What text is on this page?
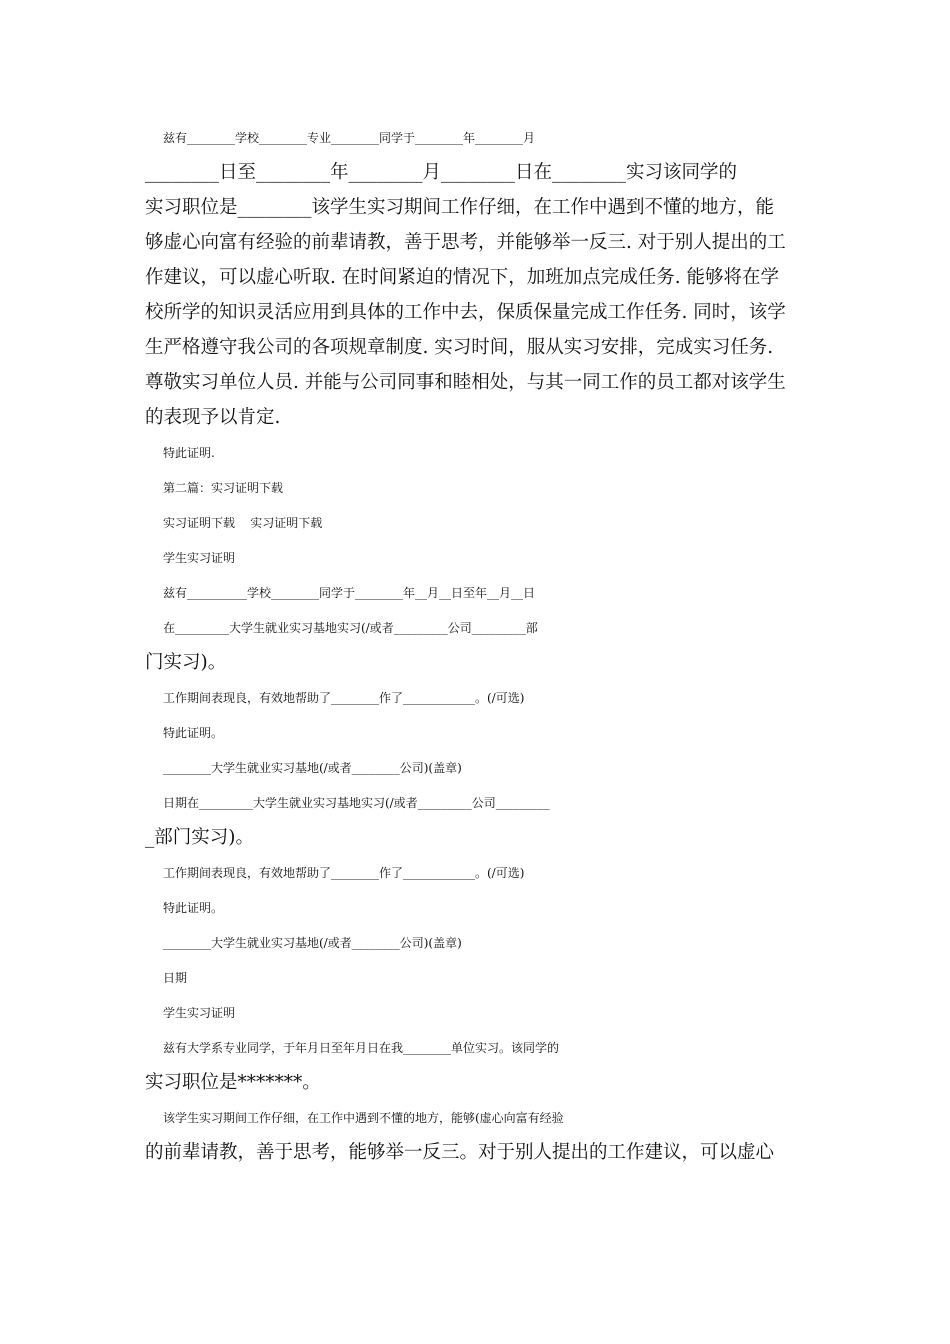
兹有________学校________专业________同学于________年________月
________日至________年________月________日在________实习该同学的
实习职位是________该学生实习期间工作仔细，在工作中遇到不懂的地方，能
够虚心向富有经验的前辈请教，善于思考，并能够举一反三. 对于别人提出的工
作建议，可以虚心听取. 在时间紧迫的情况下，加班加点完成任务. 能够将在学
校所学的知识灵活应用到具体的工作中去，保质保量完成工作任务. 同时，该学
生严格遵守我公司的各项规章制度. 实习时间，服从实习安排，完成实习任务.
尊敬实习单位人员. 并能与公司同事和睦相处，与其一同工作的员工都对该学生
的表现予以肯定.
特此证明.
第二篇：实习证明下载
实习证明下载    实习证明下载
学生实习证明
兹有__________学校________同学于________年__月__日至年__月__日
在_________大学生就业实习基地实习(/或者_________公司_________部
门实习)。
工作期间表现良，有效地帮助了________作了____________。(/可选)
特此证明。
________大学生就业实习基地(/或者________公司)(盖章)
日期在_________大学生就业实习基地实习(/或者_________公司_________
_部门实习)。
工作期间表现良，有效地帮助了________作了____________。(/可选)
特此证明。
________大学生就业实习基地(/或者________公司)(盖章)
日期
学生实习证明
兹有大学系专业同学，于年月日至年月日在我________单位实习。该同学的
实习职位是*******。
该学生实习期间工作仔细，在工作中遇到不懂的地方，能够(虚心向富有经验
的前辈请教，善于思考，能够举一反三。对于别人提出的工作建议，可以虚心
